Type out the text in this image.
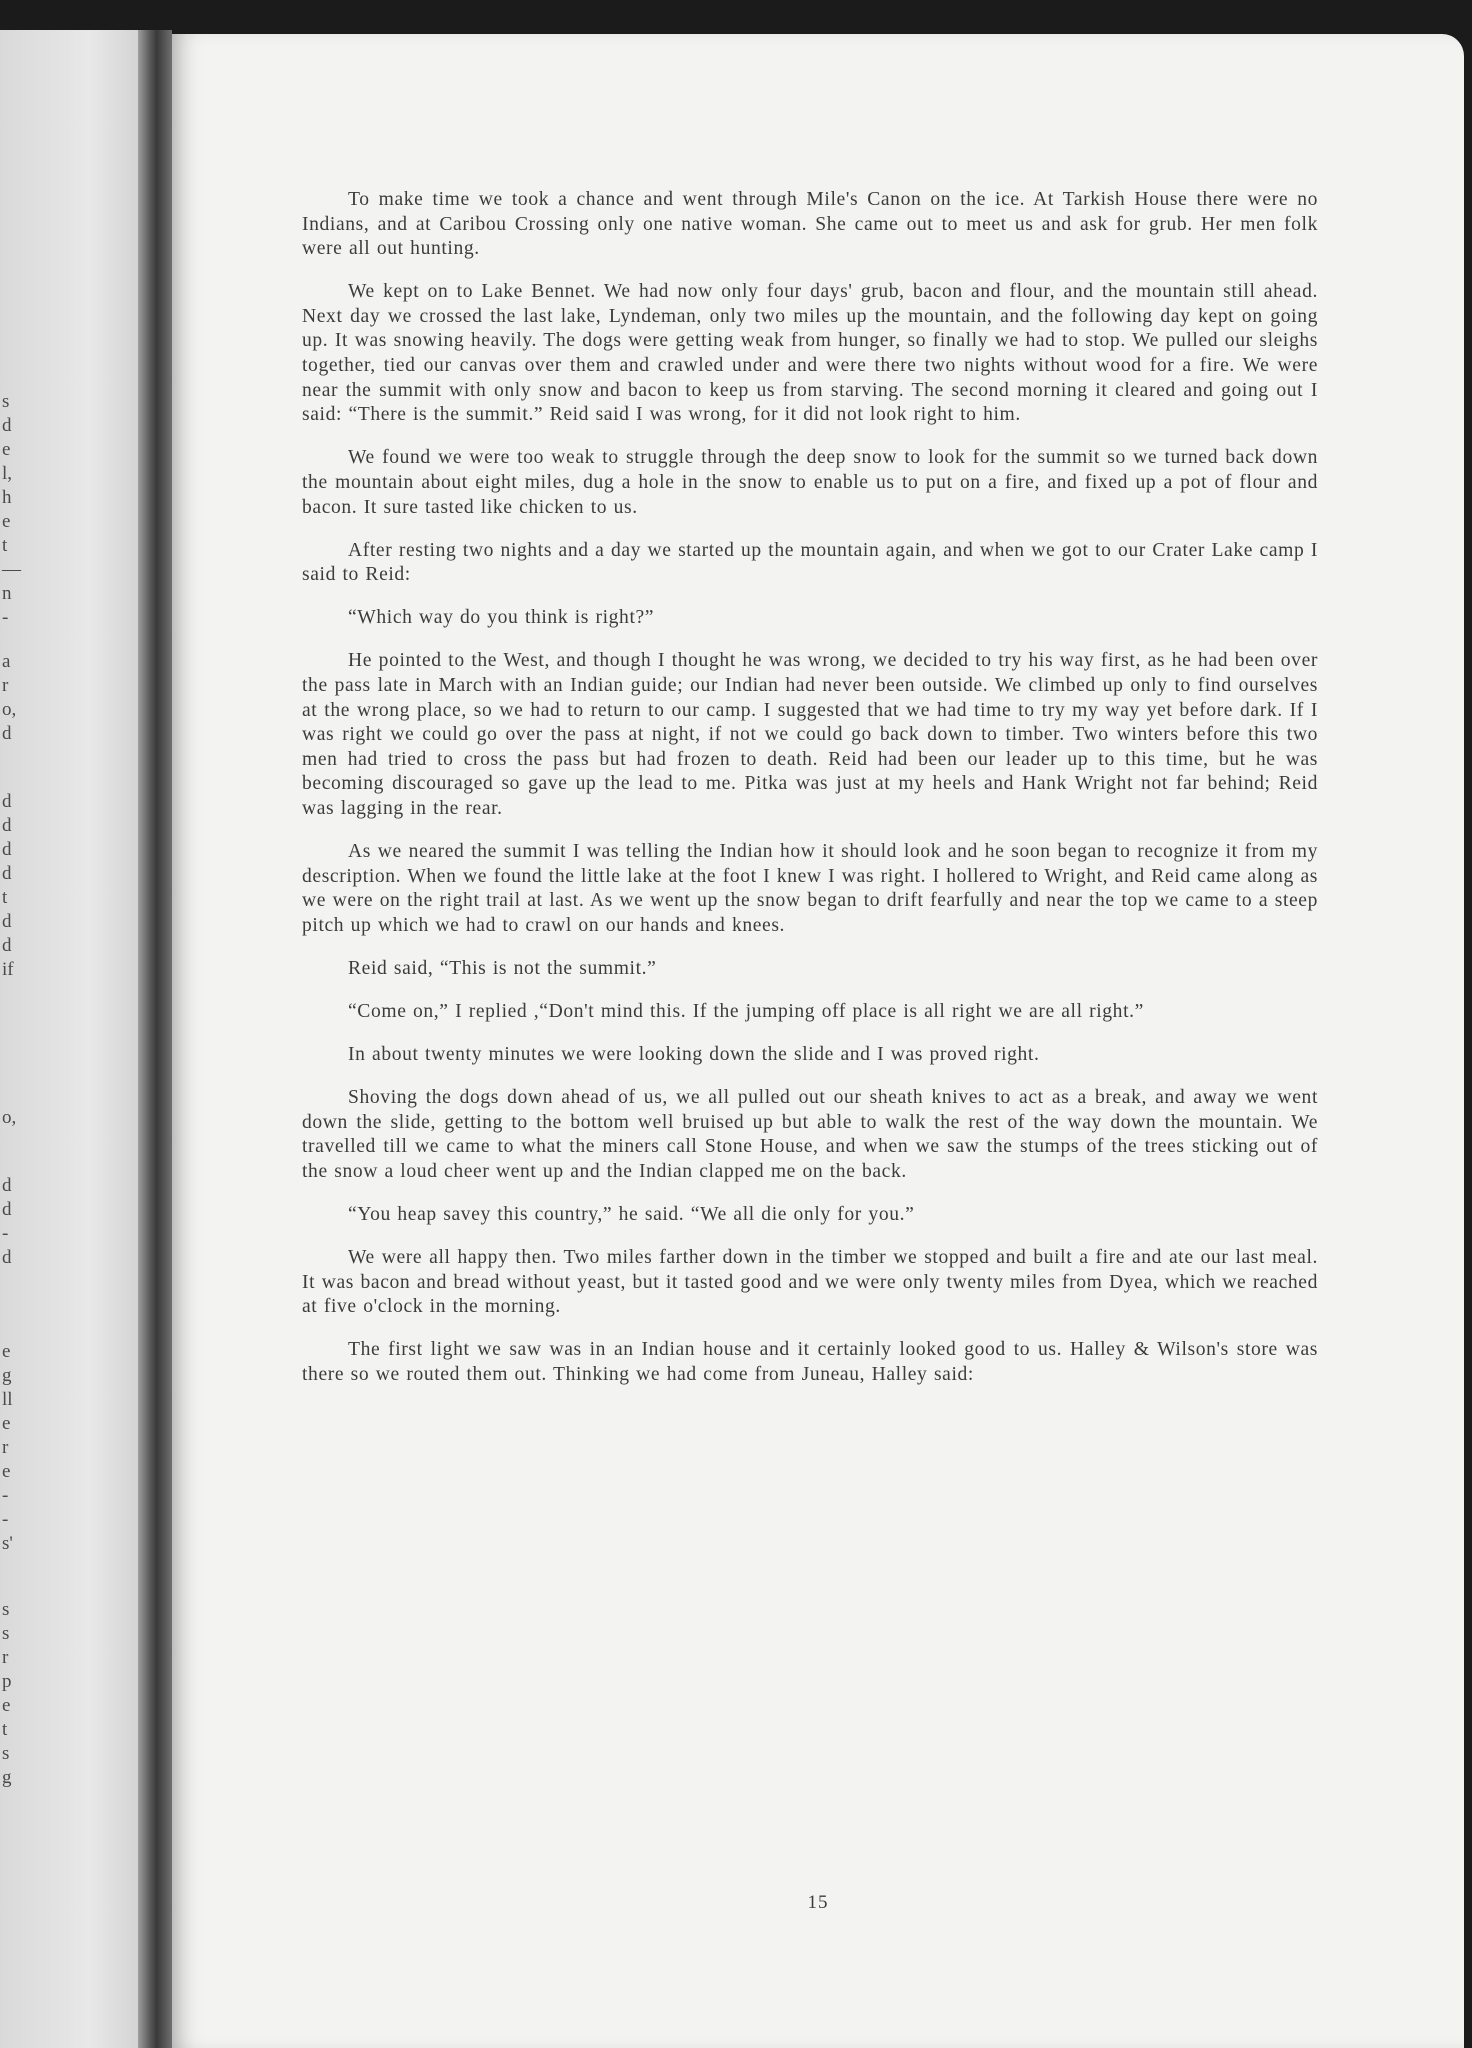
s
d
e
l,
h
e
t
—
n
-
a
r
o,
d
d
d
d
d
t
d
d
if
o,
d
d
-
d
e
g
ll
e
r
e
-
-
s'
s
s
r
p
e
t
s
g

To make time we took a chance and went through Mile's Canon on the ice. At Tarkish House there were no Indians, and at Caribou Crossing only one native woman. She came out to meet us and ask for grub. Her men folk were all out hunting.

We kept on to Lake Bennet. We had now only four days' grub, bacon and flour, and the mountain still ahead. Next day we crossed the last lake, Lyndeman, only two miles up the mountain, and the following day kept on going up. It was snowing heavily. The dogs were getting weak from hunger, so finally we had to stop. We pulled our sleighs together, tied our canvas over them and crawled under and were there two nights without wood for a fire. We were near the summit with only snow and bacon to keep us from starving. The second morning it cleared and going out I said: “There is the summit.” Reid said I was wrong, for it did not look right to him.

We found we were too weak to struggle through the deep snow to look for the summit so we turned back down the mountain about eight miles, dug a hole in the snow to enable us to put on a fire, and fixed up a pot of flour and bacon. It sure tasted like chicken to us.

After resting two nights and a day we started up the mountain again, and when we got to our Crater Lake camp I said to Reid:

“Which way do you think is right?”

He pointed to the West, and though I thought he was wrong, we decided to try his way first, as he had been over the pass late in March with an Indian guide; our Indian had never been outside. We climbed up only to find ourselves at the wrong place, so we had to return to our camp. I suggested that we had time to try my way yet before dark. If I was right we could go over the pass at night, if not we could go back down to timber. Two winters before this two men had tried to cross the pass but had frozen to death. Reid had been our leader up to this time, but he was becoming discouraged so gave up the lead to me. Pitka was just at my heels and Hank Wright not far behind; Reid was lagging in the rear.

As we neared the summit I was telling the Indian how it should look and he soon began to recognize it from my description. When we found the little lake at the foot I knew I was right. I hollered to Wright, and Reid came along as we were on the right trail at last. As we went up the snow began to drift fearfully and near the top we came to a steep pitch up which we had to crawl on our hands and knees.

Reid said, “This is not the summit.”

“Come on,” I replied ,“Don't mind this. If the jumping off place is all right we are all right.”

In about twenty minutes we were looking down the slide and I was proved right.

Shoving the dogs down ahead of us, we all pulled out our sheath knives to act as a break, and away we went down the slide, getting to the bottom well bruised up but able to walk the rest of the way down the mountain. We travelled till we came to what the miners call Stone House, and when we saw the stumps of the trees sticking out of the snow a loud cheer went up and the Indian clapped me on the back.

“You heap savey this country,” he said. “We all die only for you.”

We were all happy then. Two miles farther down in the timber we stopped and built a fire and ate our last meal. It was bacon and bread without yeast, but it tasted good and we were only twenty miles from Dyea, which we reached at five o'clock in the morning.

The first light we saw was in an Indian house and it certainly looked good to us. Halley & Wilson's store was there so we routed them out. Thinking we had come from Juneau, Halley said:

15
